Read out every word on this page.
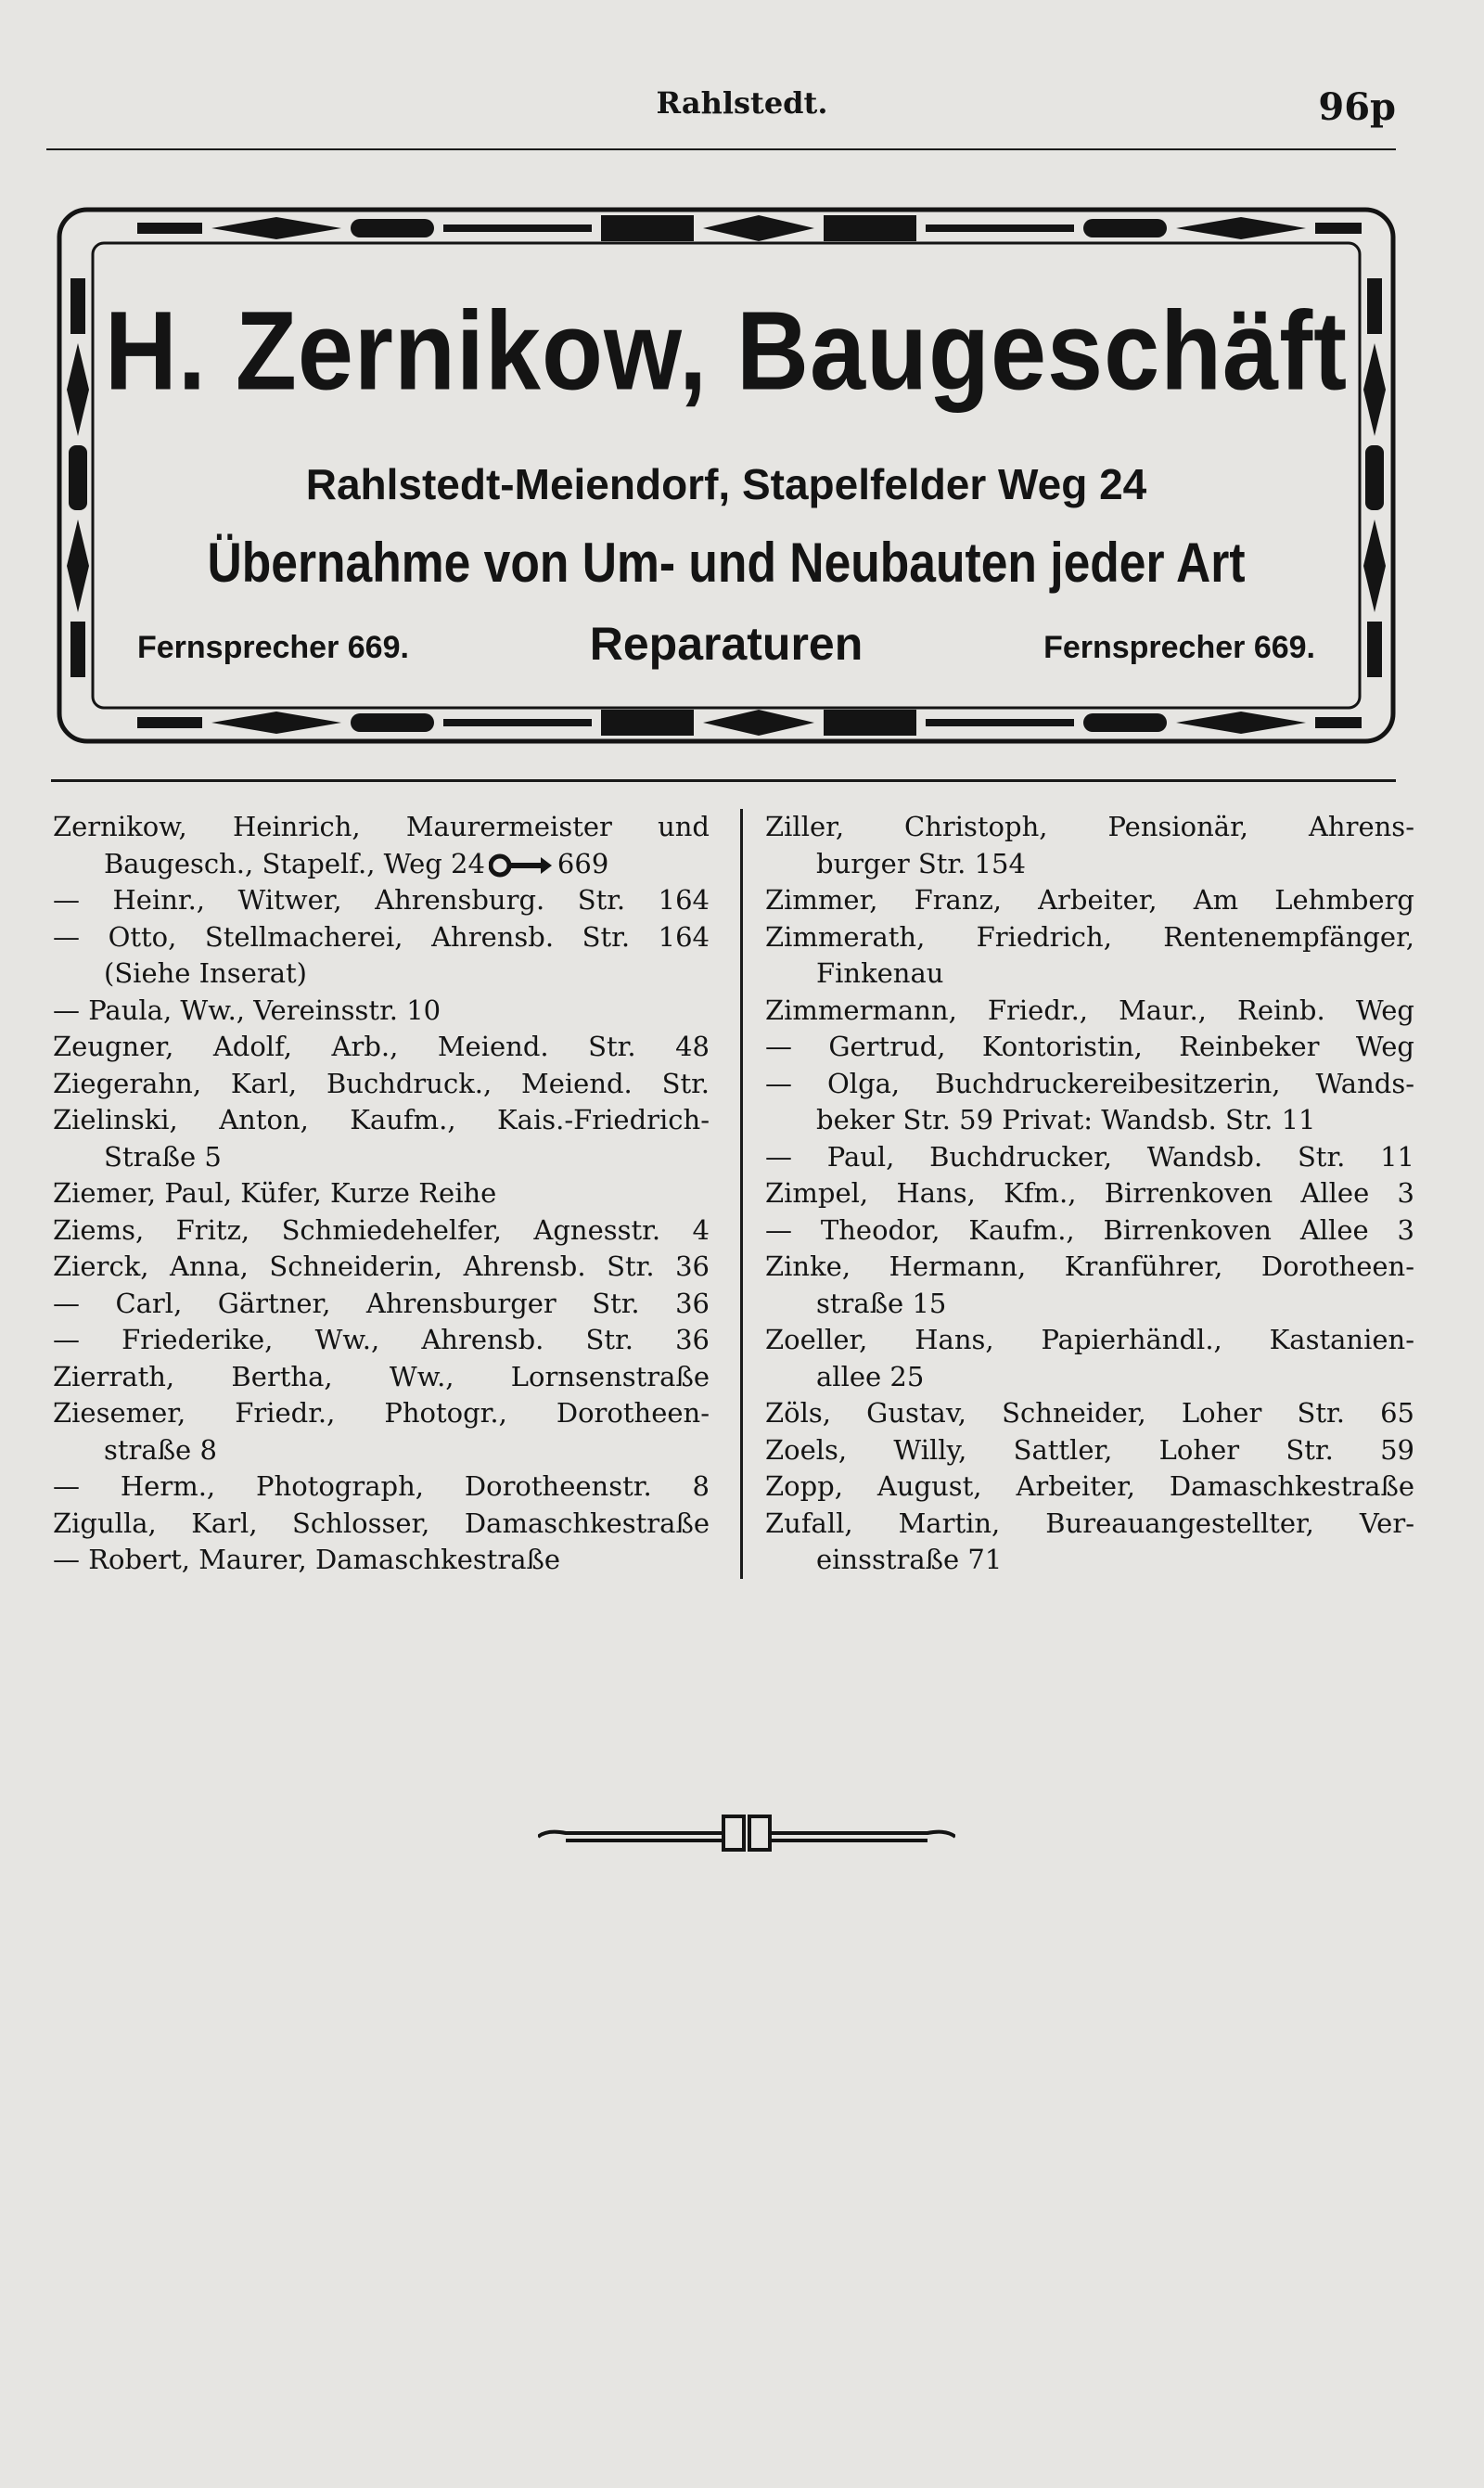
Rahlstedt.	96p
H. Zernikow, Baugeschäft
Rahlstedt-Meiendorf, Stapelfelder Weg 24
Übernahme von Um- und Neubauten jeder Art
Fernsprecher 669.	Reparaturen	Fernsprecher 669.
Zernikow, Heinrich, Maurermeister und
Baugesch., Stapelf., Weg 24	669
— Heinr., Witwer, Ahrensburg. Str. 164
— Otto, Stellmacherei, Ahrensb. Str. 164
(Siehe Inserat)
— Paula, Ww., Vereinsstr. 10
Zeugner, Adolf, Arb., Meiend. Str. 48
Ziegerahn, Karl, Buchdruck., Meiend. Str.
Zielinski, Anton, Kaufm., Kais.-Friedrich-
Straße 5
Ziemer, Paul, Küfer, Kurze Reihe
Ziems, Fritz, Schmiedehelfer, Agnesstr. 4
Zierck, Anna, Schneiderin, Ahrensb. Str. 36
— Carl, Gärtner, Ahrensburger Str. 36
— Friederike, Ww., Ahrensb. Str. 36
Zierrath, Bertha, Ww., Lornsenstraße
Ziesemer, Friedr., Photogr., Dorotheen-
straße 8
— Herm., Photograph, Dorotheenstr. 8
Zigulla, Karl, Schlosser, Damaschkestraße
— Robert, Maurer, Damaschkestraße
Ziller, Christoph, Pensionär, Ahrens-
burger Str. 154
Zimmer, Franz, Arbeiter, Am Lehmberg
Zimmerath, Friedrich, Rentenempfänger,
Finkenau
Zimmermann, Friedr., Maur., Reinb. Weg
— Gertrud, Kontoristin, Reinbeker Weg
— Olga, Buchdruckereibesitzerin, Wands-
beker Str. 59 Privat: Wandsb. Str. 11
— Paul, Buchdrucker, Wandsb. Str. 11
Zimpel, Hans, Kfm., Birrenkoven Allee 3
— Theodor, Kaufm., Birrenkoven Allee 3
Zinke, Hermann, Kranführer, Dorotheen-
straße 15
Zoeller, Hans, Papierhändl., Kastanien-
allee 25
Zöls, Gustav, Schneider, Loher Str. 65
Zoels, Willy, Sattler, Loher Str. 59
Zopp, August, Arbeiter, Damaschkestraße
Zufall, Martin, Bureauangestellter, Ver-
einsstraße 71
